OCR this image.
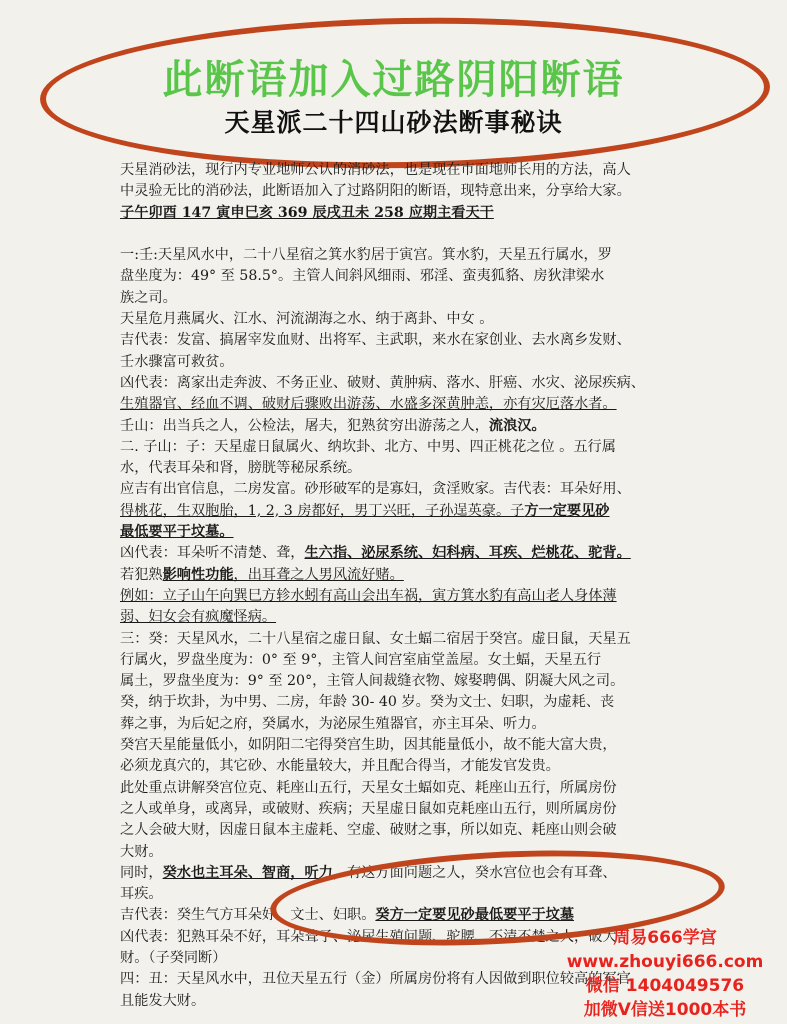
此断语加入过路阴阳断语
天星派二十四山砂法断事秘诀
天星消砂法，现行内专业地师公认的消砂法，也是现在市面地师长用的方法，高人
中灵验无比的消砂法，此断语加入了过路阴阳的断语，现特意出来，分享给大家。
子午卯酉 147 寅申巳亥 369 辰戌丑未 258 应期主看天干
一:壬:天星风水中，二十八星宿之箕水豹居于寅宫。箕水豹，天星五行属水，罗
盘坐度为：49° 至 58.5°。主管人间斜风细雨、邪淫、蛮夷狐貉、房狄津梁水
族之司。
天星危月燕属火、江水、河流湖海之水、纳于离卦、中女 。
吉代表：发富、搞屠宰发血财、出将军、主武职，来水在家创业、去水离乡发财、
壬水骤富可救贫。
凶代表：离家出走奔波、不务正业、破财、黄肿病、落水、肝癌、水灾、泌尿疾病、
生殖器官、经血不调、破财后骤败出游荡、水盛多深黄肿恙，亦有灾厄落水者。
壬山：出当兵之人，公检法，屠夫，犯熟贫穷出游荡之人，流浪汉。
二. 子山：子：天星虚日鼠属火、纳坎卦、北方、中男、四正桃花之位 。五行属
水，代表耳朵和肾，膀胱等秘尿系统。
应吉有出官信息，二房发富。砂形破军的是寡妇，贪淫败家。吉代表：耳朵好用、
得桃花，生双胞胎，1, 2, 3 房都好，男丁兴旺，子孙逞英豪。子方一定要见砂
最低要平于坟墓。
凶代表：耳朵听不清楚、聋，生六指、泌尿系统、妇科病、耳疾、烂桃花、驼背。
若犯熟影响性功能，出耳聋之人男风流好赌。
例如：立子山午向巽巳方轸水蚓有高山会出车祸，寅方箕水豹有高山老人身体薄
弱、妇女会有疯魔怪病。
三：癸：天星风水，二十八星宿之虚日鼠、女土蝠二宿居于癸宫。虚日鼠，天星五
行属火，罗盘坐度为：0° 至 9°，主管人间宫室庙堂盖屋。女土蝠，天星五行
属土，罗盘坐度为：9° 至 20°，主管人间裁缝衣物、嫁娶聘偶、阴凝大风之司。
癸，纳于坎卦，为中男、二房，年龄 30- 40 岁。癸为文士、妇职，为虚耗、丧
葬之事，为后妃之府，癸属水，为泌尿生殖器官，亦主耳朵、听力。
癸宫天星能量低小，如阴阳二宅得癸宫生助，因其能量低小，故不能大富大贵，
必须龙真穴的，其它砂、水能量较大，并且配合得当，才能发官发贵。
此处重点讲解癸宫位克、耗座山五行，天星女土蝠如克、耗座山五行，所属房份
之人或单身，或离异，或破财、疾病；天星虚日鼠如克耗座山五行，则所属房份
之人会破大财，因虚日鼠本主虚耗、空虚、破财之事，所以如克、耗座山则会破
大财。
同时，癸水也主耳朵、智商，听力，有这方面问题之人，癸水宫位也会有耳聋、
耳疾。
吉代表：癸生气方耳朵好、文士、妇职。癸方一定要见砂最低要平于坟墓
凶代表：犯熟耳朵不好，耳朵聋子、泌尿生殖问题、驼腰、不清不楚之人，破大
财。（子癸同断）
四：丑：天星风水中，丑位天星五行（金）所属房份将有人因做到职位较高的军官
且能发大财。
周易666学宫
www.zhouyi666.com
微信 1404049576
加微V信送1000本书
